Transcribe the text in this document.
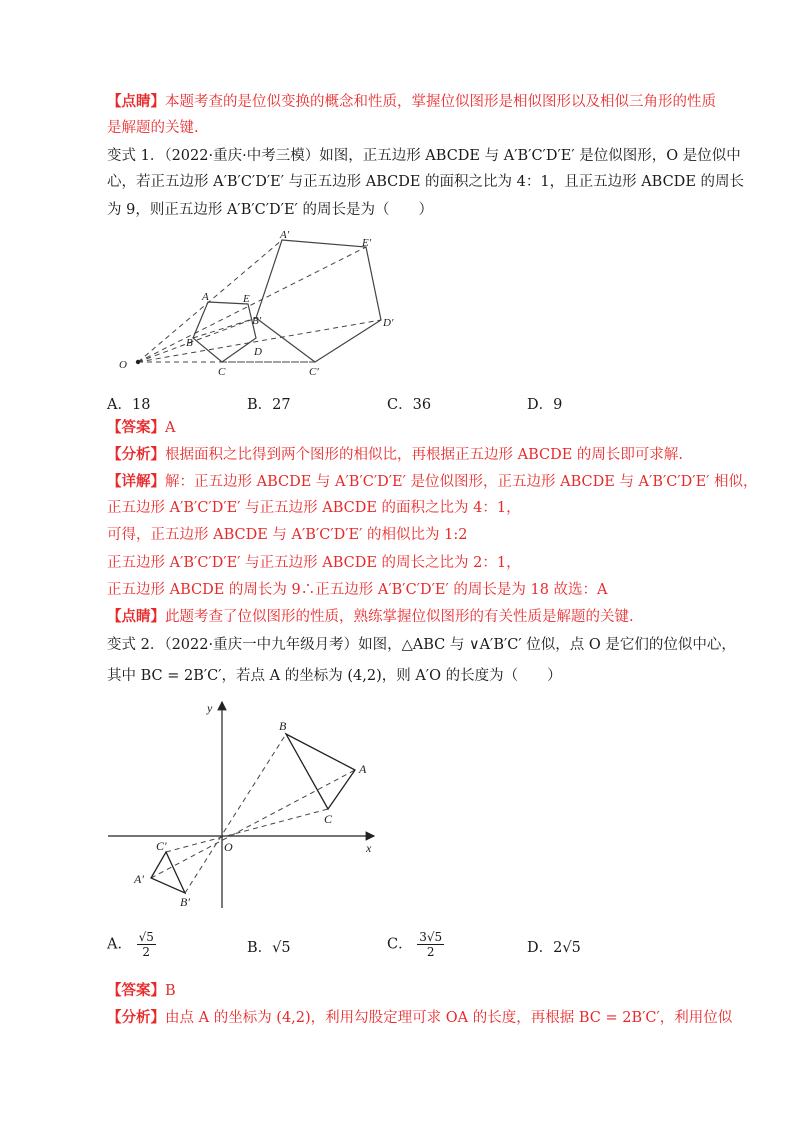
【点睛】本题考查的是位似变换的概念和性质，掌握位似图形是相似图形以及相似三角形的性质
是解题的关键.
变式 1．（2022·重庆·中考三模）如图，正五边形 ABCDE 与 A′B′C′D′E′ 是位似图形，O 是位似中
心，若正五边形 A′B′C′D′E′ 与正五边形 ABCDE 的面积之比为 4：1，且正五边形 ABCDE 的周长
为 9，则正五边形 A′B′C′D′E′ 的周长是为（　　）
A′
E′
A	E
B
B′
D
D′
O
C	C′
A．18	B．27	C．36	D．9
【答案】A
【分析】根据面积之比得到两个图形的相似比，再根据正五边形 ABCDE 的周长即可求解.
【详解】解：正五边形 ABCDE 与 A′B′C′D′E′ 是位似图形，正五边形 ABCDE 与 A′B′C′D′E′ 相似，
正五边形 A′B′C′D′E′ 与正五边形 ABCDE 的面积之比为 4：1，
可得，正五边形 ABCDE 与 A′B′C′D′E′ 的相似比为 1:2
正五边形 A′B′C′D′E′ 与正五边形 ABCDE 的周长之比为 2：1，
正五边形 ABCDE 的周长为 9∴正五边形 A′B′C′D′E′ 的周长是为 18 故选：A
【点睛】此题考查了位似图形的性质，熟练掌握位似图形的有关性质是解题的关键.
变式 2．（2022·重庆一中九年级月考）如图，△ABC 与 ∨A′B′C′ 位似，点 O 是它们的位似中心，
其中 BC = 2B′C′，若点 A 的坐标为 (4,2)，则 A′O 的长度为（　　）
y
x
O
A
B
C
A′
B′
C′
A． $\frac{√5}{2}$	B．√5	C． $\frac{3√5}{2}$	D．2√5
【答案】B
【分析】由点 A 的坐标为 (4,2)，利用勾股定理可求 OA 的长度，再根据 BC = 2B′C′，利用位似
